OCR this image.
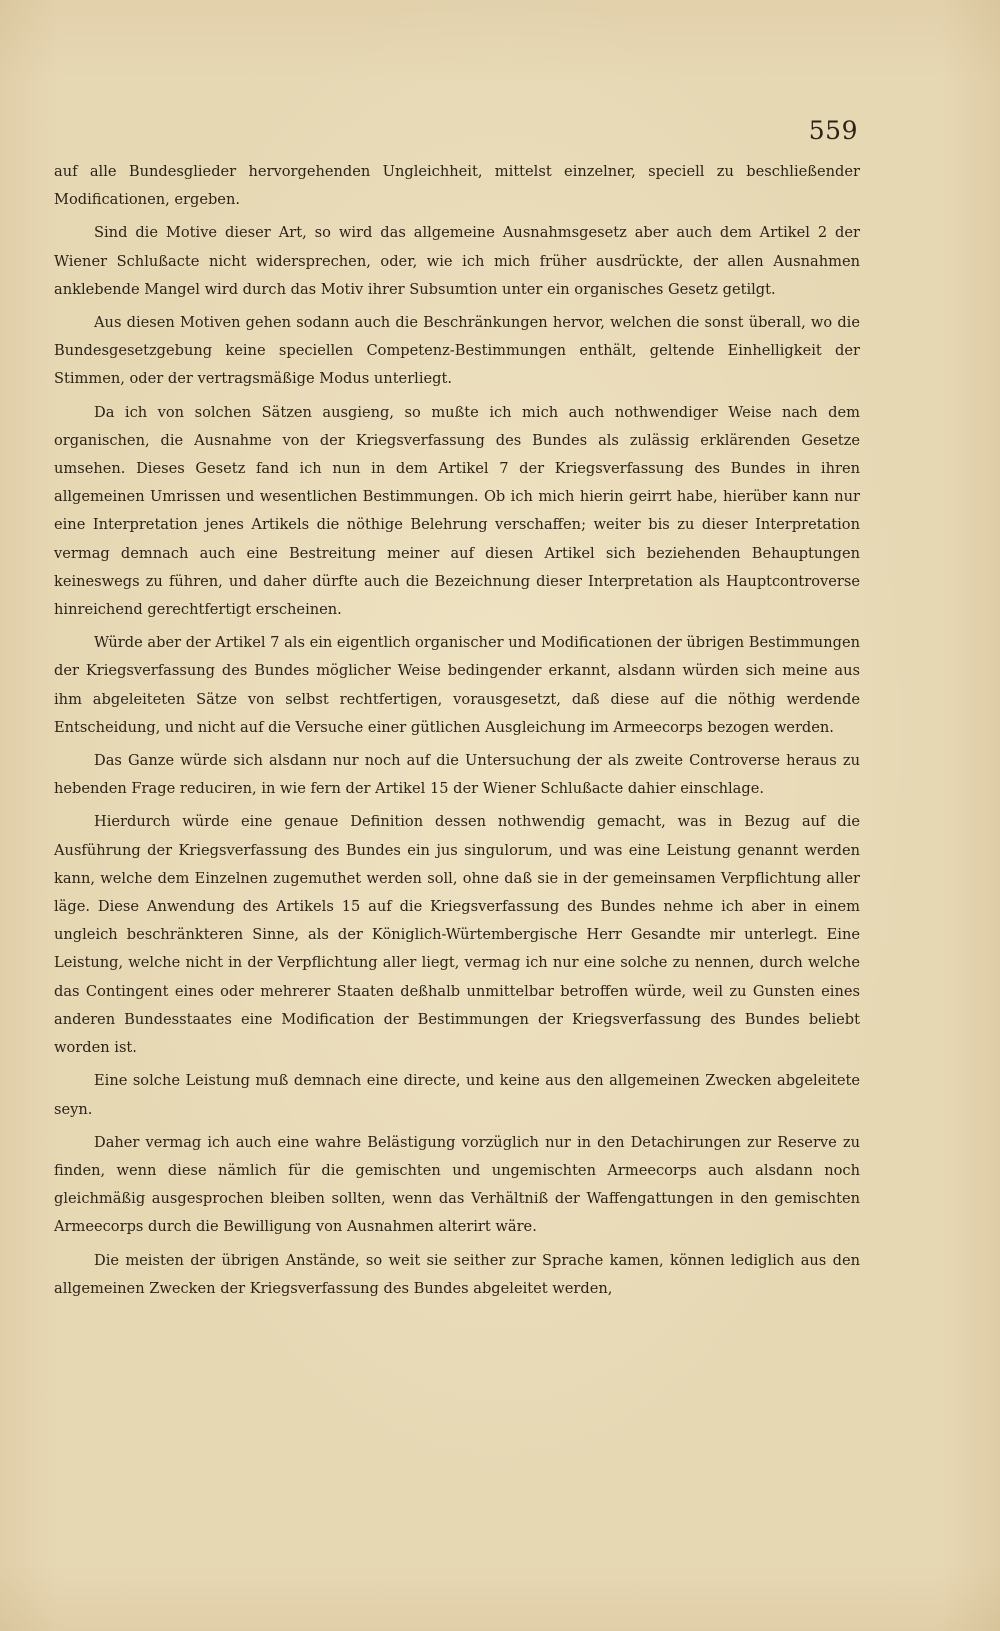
559

auf alle Bundesglieder hervorgehenden Ungleichheit, mittelst einzelner, speciell zu beschließender Modificationen, ergeben.

Sind die Motive dieser Art, so wird das allgemeine Ausnahmsgesetz aber auch dem Artikel 2 der Wiener Schlußacte nicht widersprechen, oder, wie ich mich früher ausdrückte, der allen Ausnahmen anklebende Mangel wird durch das Motiv ihrer Subsumtion unter ein organisches Gesetz getilgt.

Aus diesen Motiven gehen sodann auch die Beschränkungen hervor, welchen die sonst überall, wo die Bundesgesetzgebung keine speciellen Competenz-Bestimmungen enthält, geltende Einhelligkeit der Stimmen, oder der vertragsmäßige Modus unterliegt.

Da ich von solchen Sätzen ausgieng, so mußte ich mich auch nothwendiger Weise nach dem organischen, die Ausnahme von der Kriegsverfassung des Bundes als zulässig erklärenden Gesetze umsehen. Dieses Gesetz fand ich nun in dem Artikel 7 der Kriegsverfassung des Bundes in ihren allgemeinen Umrissen und wesentlichen Bestimmungen. Ob ich mich hierin geirrt habe, hierüber kann nur eine Interpretation jenes Artikels die nöthige Belehrung verschaffen; weiter bis zu dieser Interpretation vermag demnach auch eine Bestreitung meiner auf diesen Artikel sich beziehenden Behauptungen keineswegs zu führen, und daher dürfte auch die Bezeichnung dieser Interpretation als Hauptcontroverse hinreichend gerechtfertigt erscheinen.

Würde aber der Artikel 7 als ein eigentlich organischer und Modificationen der übrigen Bestimmungen der Kriegsverfassung des Bundes möglicher Weise bedingender erkannt, alsdann würden sich meine aus ihm abgeleiteten Sätze von selbst rechtfertigen, vorausgesetzt, daß diese auf die nöthig werdende Entscheidung, und nicht auf die Versuche einer gütlichen Ausgleichung im Armeecorps bezogen werden.

Das Ganze würde sich alsdann nur noch auf die Untersuchung der als zweite Controverse heraus zu hebenden Frage reduciren, in wie fern der Artikel 15 der Wiener Schlußacte dahier einschlage.

Hierdurch würde eine genaue Definition dessen nothwendig gemacht, was in Bezug auf die Ausführung der Kriegsverfassung des Bundes ein jus singulorum, und was eine Leistung genannt werden kann, welche dem Einzelnen zugemuthet werden soll, ohne daß sie in der gemeinsamen Verpflichtung aller läge. Diese Anwendung des Artikels 15 auf die Kriegsverfassung des Bundes nehme ich aber in einem ungleich beschränkteren Sinne, als der Königlich-Würtembergische Herr Gesandte mir unterlegt. Eine Leistung, welche nicht in der Verpflichtung aller liegt, vermag ich nur eine solche zu nennen, durch welche das Contingent eines oder mehrerer Staaten deßhalb unmittelbar betroffen würde, weil zu Gunsten eines anderen Bundesstaates eine Modification der Bestimmungen der Kriegsverfassung des Bundes beliebt worden ist.

Eine solche Leistung muß demnach eine directe, und keine aus den allgemeinen Zwecken abgeleitete seyn.

Daher vermag ich auch eine wahre Belästigung vorzüglich nur in den Detachirungen zur Reserve zu finden, wenn diese nämlich für die gemischten und ungemischten Armeecorps auch alsdann noch gleichmäßig ausgesprochen bleiben sollten, wenn das Verhältniß der Waffengattungen in den gemischten Armeecorps durch die Bewilligung von Ausnahmen alterirt wäre.

Die meisten der übrigen Anstände, so weit sie seither zur Sprache kamen, können lediglich aus den allgemeinen Zwecken der Kriegsverfassung des Bundes abgeleitet werden,
